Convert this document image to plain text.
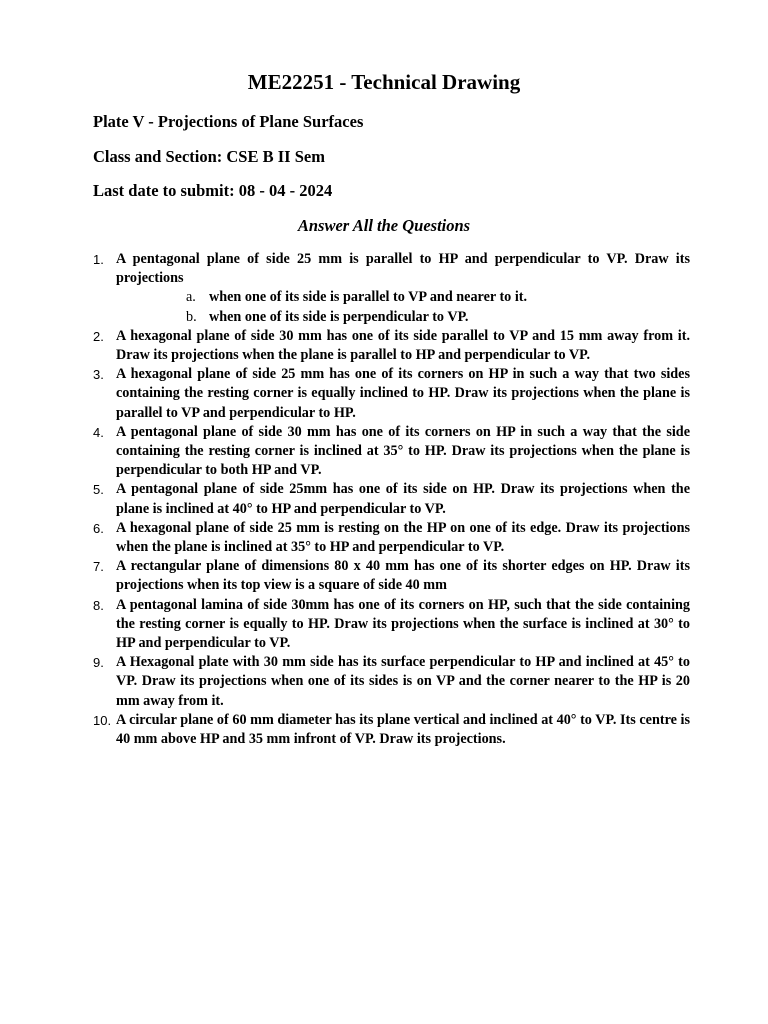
ME22251 - Technical Drawing
Plate V - Projections of Plane Surfaces
Class and Section: CSE B II Sem
Last date to submit: 08 - 04 - 2024
Answer All the Questions
1. A pentagonal plane of side 25 mm is parallel to HP and perpendicular to VP. Draw its projections
a. when one of its side is parallel to VP and nearer to it.
b. when one of its side is perpendicular to VP.
2. A hexagonal plane of side 30 mm has one of its side parallel to VP and 15 mm away from it. Draw its projections when the plane is parallel to HP and perpendicular to VP.
3. A hexagonal plane of side 25 mm has one of its corners on HP in such a way that two sides containing the resting corner is equally inclined to HP. Draw its projections when the plane is parallel to VP and perpendicular to HP.
4. A pentagonal plane of side 30 mm has one of its corners on HP in such a way that the side containing the resting corner is inclined at 35° to HP. Draw its projections when the plane is perpendicular to both HP and VP.
5. A pentagonal plane of side 25mm has one of its side on HP. Draw its projections when the plane is inclined at 40° to HP and perpendicular to VP.
6. A hexagonal plane of side 25 mm is resting on the HP on one of its edge. Draw its projections when the plane is inclined at 35° to HP and perpendicular to VP.
7. A rectangular plane of dimensions 80 x 40 mm has one of its shorter edges on HP. Draw its projections when its top view is a square of side 40 mm
8. A pentagonal lamina of side 30mm has one of its corners on HP, such that the side containing the resting corner is equally to HP. Draw its projections when the surface is inclined at 30° to HP and perpendicular to VP.
9. A Hexagonal plate with 30 mm side has its surface perpendicular to HP and inclined at 45° to VP. Draw its projections when one of its sides is on VP and the corner nearer to the HP is 20 mm away from it.
10. A circular plane of 60 mm diameter has its plane vertical and inclined at 40° to VP. Its centre is 40 mm above HP and 35 mm infront of VP. Draw its projections.
